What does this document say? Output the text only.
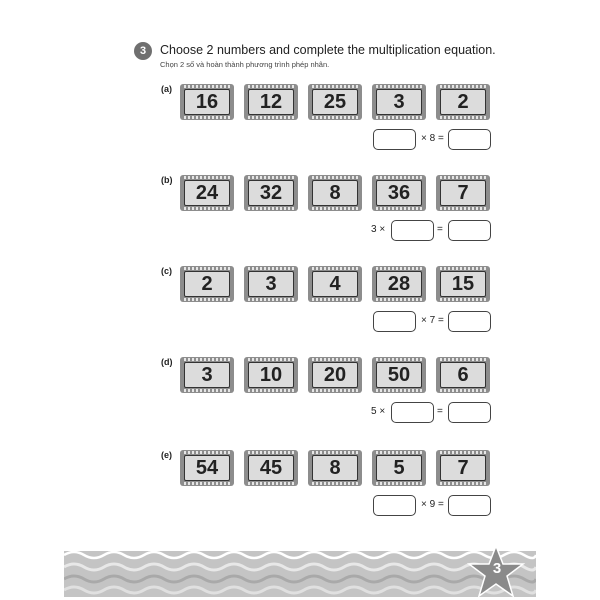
3 Choose 2 numbers and complete the multiplication equation.
Chọn 2 số và hoàn thành phương trình phép nhân.
(a)
16 12 25 3	2
× 8 =
(b)
24 32 8 36 7
3 ×	=
(c)
2	3	4 28 15
× 7 =
(d)
3 10 20 50 6
5 ×	=
(e)
54 45 8	5	7
× 9 =
3
